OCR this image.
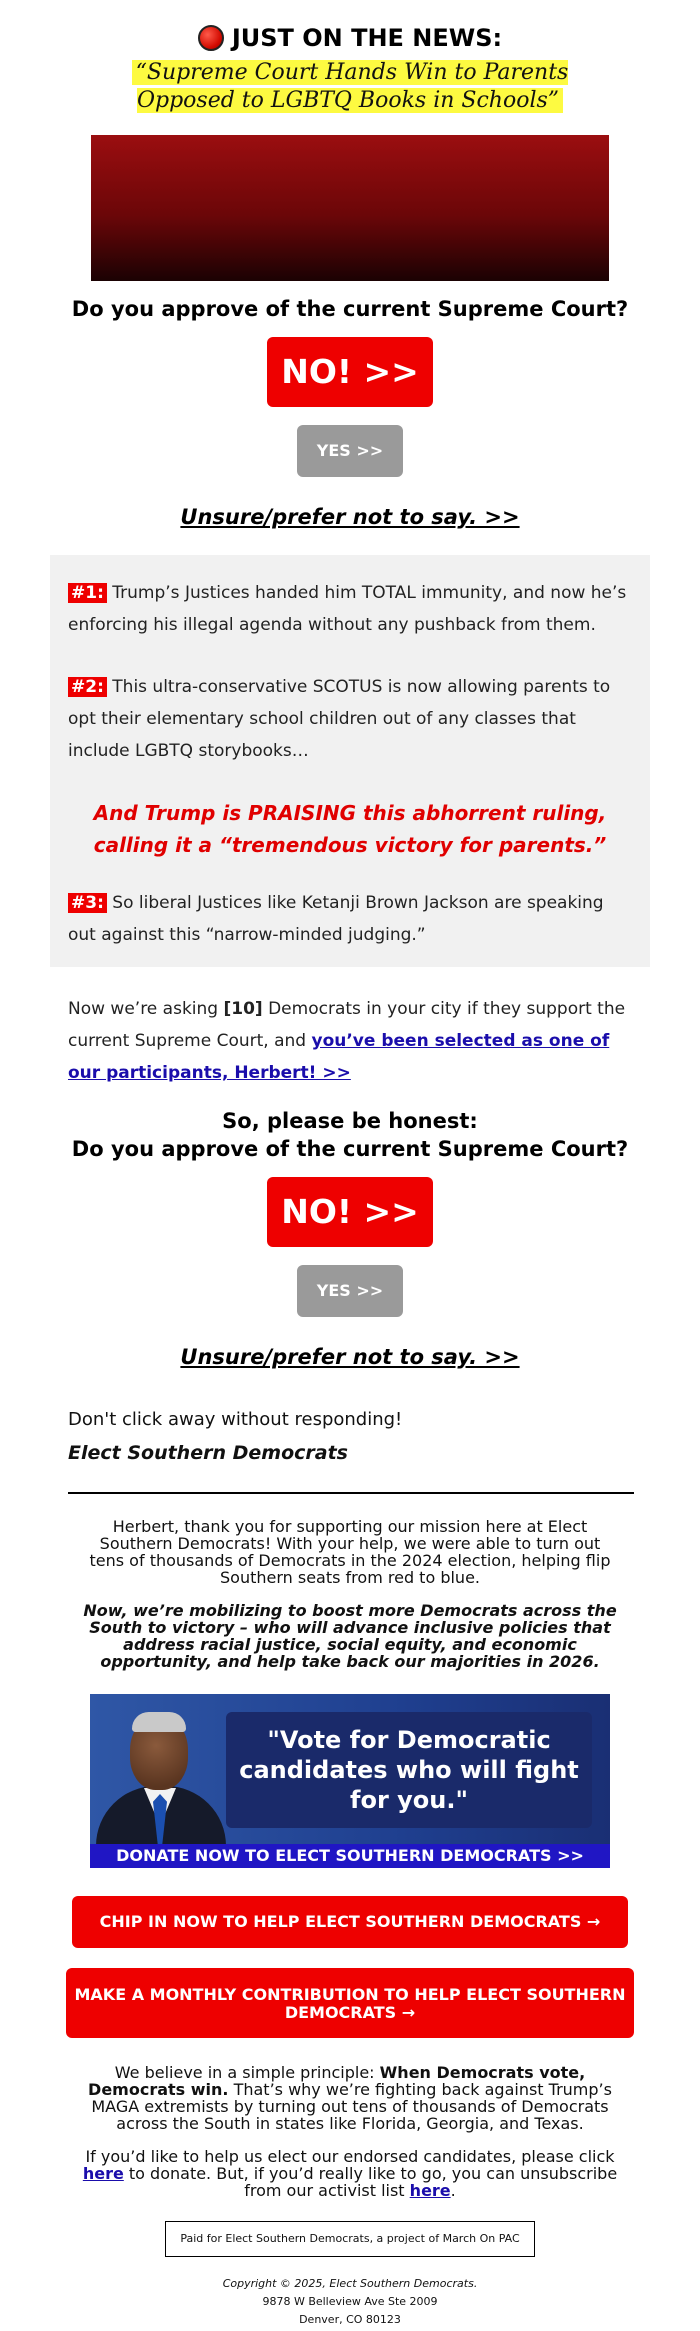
JUST ON THE NEWS:
“Supreme Court Hands Win to Parents Opposed to LGBTQ Books in Schools”
Do you approve of the current Supreme Court?
NO! >>
YES >>
Unsure/prefer not to say. >>

#1: Trump’s Justices handed him TOTAL immunity, and now he’s enforcing his illegal agenda without any pushback from them.

#2: This ultra-conservative SCOTUS is now allowing parents to opt their elementary school children out of any classes that include LGBTQ storybooks…

And Trump is PRAISING this abhorrent ruling, calling it a “tremendous victory for parents.”

#3: So liberal Justices like Ketanji Brown Jackson are speaking out against this “narrow-minded judging.”

Now we’re asking [10] Democrats in your city if they support the current Supreme Court, and you’ve been selected as one of our participants, Herbert! >>
So, please be honest:
Do you approve of the current Supreme Court?
NO! >>
YES >>
Unsure/prefer not to say. >>
Don't click away without responding!
Elect Southern Democrats
Herbert, thank you for supporting our mission here at Elect Southern Democrats! With your help, we were able to turn out tens of thousands of Democrats in the 2024 election, helping flip Southern seats from red to blue.
Now, we’re mobilizing to boost more Democrats across the South to victory – who will advance inclusive policies that address racial justice, social equity, and economic opportunity, and help take back our majorities in 2026.
"Vote for Democratic candidates who will fight for you."
DONATE NOW TO ELECT SOUTHERN DEMOCRATS >>
CHIP IN NOW TO HELP ELECT SOUTHERN DEMOCRATS →
MAKE A MONTHLY CONTRIBUTION TO HELP ELECT SOUTHERN DEMOCRATS →
We believe in a simple principle: When Democrats vote, Democrats win. That’s why we’re fighting back against Trump’s MAGA extremists by turning out tens of thousands of Democrats across the South in states like Florida, Georgia, and Texas.
If you’d like to help us elect our endorsed candidates, please click here to donate. But, if you’d really like to go, you can unsubscribe from our activist list here.
Paid for Elect Southern Democrats, a project of March On PAC
Copyright © 2025, Elect Southern Democrats.
9878 W Belleview Ave Ste 2009
Denver, CO 80123
